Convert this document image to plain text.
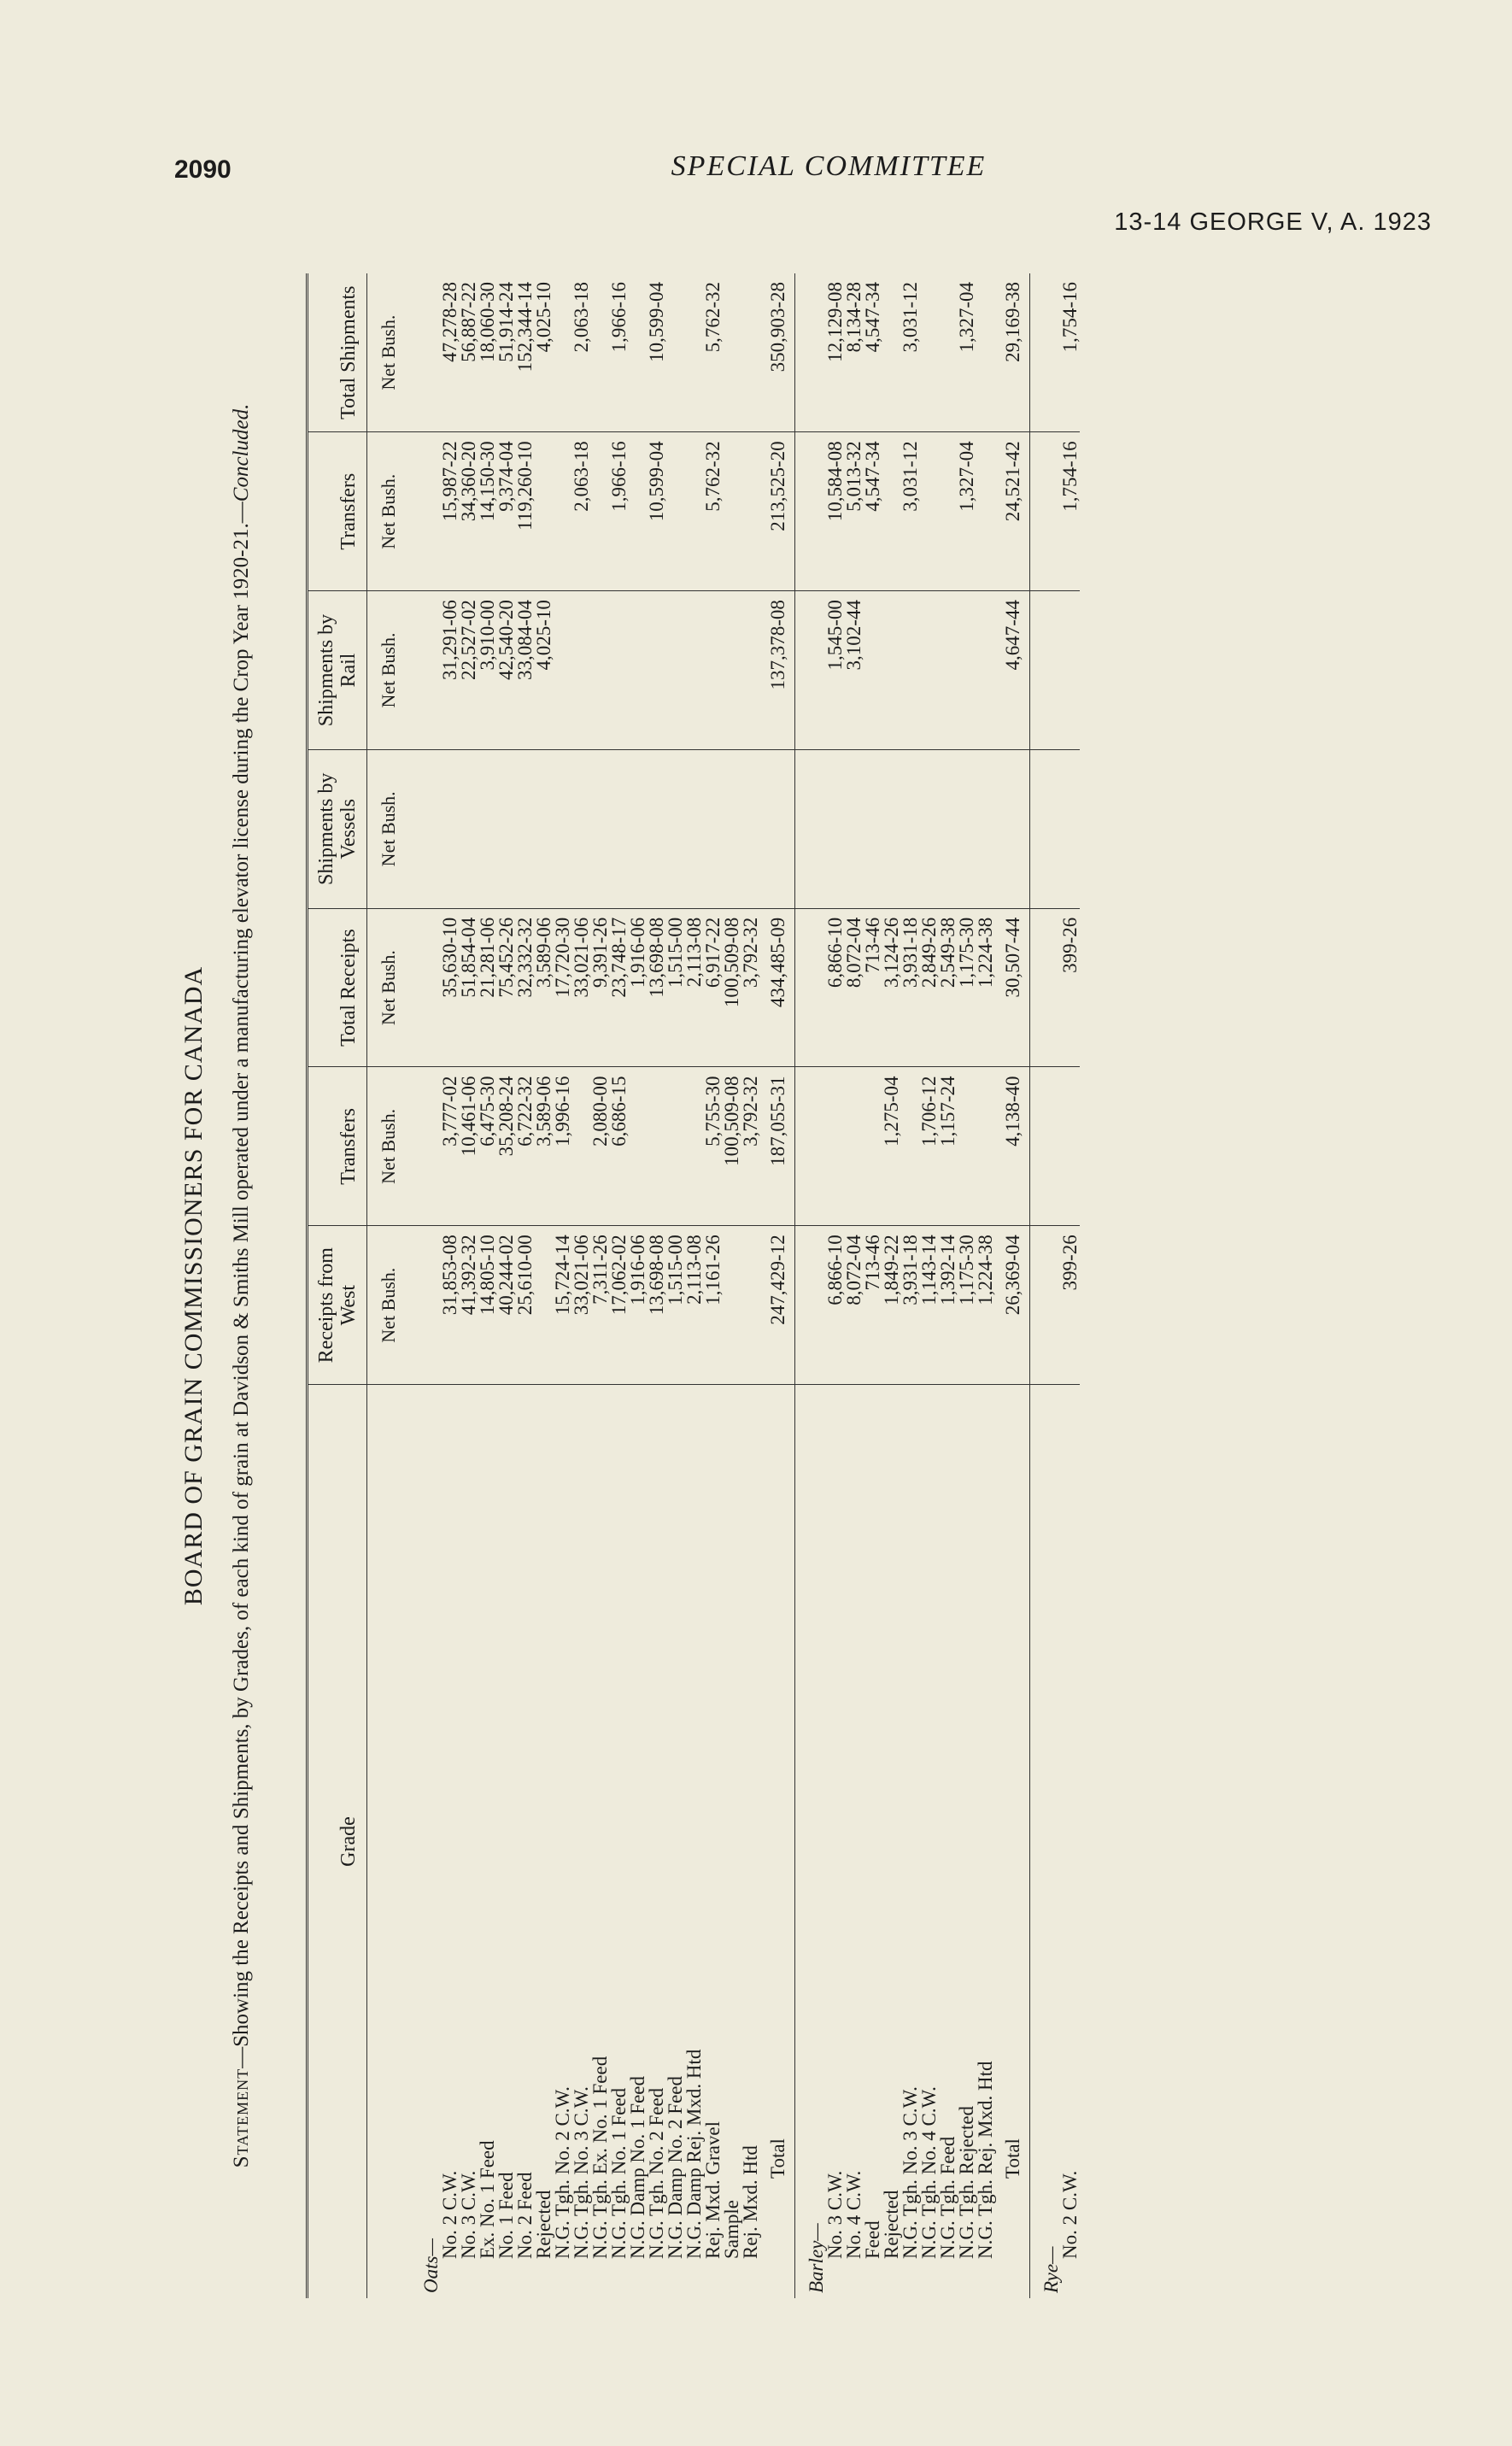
2090	SPECIAL COMMITTEE
13-14 GEORGE V, A. 1923
BOARD OF GRAIN COMMISSIONERS FOR CANADA
Statement—Showing the Receipts and Shipments, by Grades, of each kind of grain at Davidson & Smiths Mill operated under a manufacturing elevator license during the Crop Year 1920-21.—Concluded.
Grade	Receipts from West	Transfers	Total Receipts	Shipments by Vessels	Shipments by Rail	Transfers	Total Shipments
	Net Bush.	Net Bush.	Net Bush.	Net Bush.	Net Bush.	Net Bush.	Net Bush.
Oats—							
No. 2 C.W.	31,853-08	3,777-02	35,630-10		31,291-06	15,987-22	47,278-28
No. 3 C.W.	41,392-32	10,461-06	51,854-04		22,527-02	34,360-20	56,887-22
Ex. No. 1 Feed	14,805-10	6,475-30	21,281-06		3,910-00	14,150-30	18,060-30
No. 1 Feed	40,244-02	35,208-24	75,452-26		42,540-20	9,374-04	51,914-24
No. 2 Feed	25,610-00	6,722-32	32,332-32		33,084-04	119,260-10	152,344-14
Rejected		3,589-06	3,589-06		4,025-10		4,025-10
N.G. Tgh. No. 2 C.W.	15,724-14	1,996-16	17,720-30				
N.G. Tgh. No. 3 C.W.	33,021-06		33,021-06			2,063-18	2,063-18
N.G. Tgh. Ex. No. 1 Feed	7,311-26	2,080-00	9,391-26				
N.G. Tgh. No. 1 Feed	17,062-02	6,686-15	23,748-17			1,966-16	1,966-16
N.G. Damp No. 1 Feed	1,916-06		1,916-06				
N.G. Tgh. No. 2 Feed	13,698-08		13,698-08			10,599-04	10,599-04
N.G. Damp No. 2 Feed	1,515-00		1,515-00				
N.G. Damp Rej. Mxd. Htd	2,113-08		2,113-08				
Rej. Mxd. Gravel	1,161-26	5,755-30	6,917-22			5,762-32	5,762-32
Sample		100,509-08	100,509-08				
Rej. Mxd. Htd		3,792-32	3,792-32				
Total	247,429-12	187,055-31	434,485-09		137,378-08	213,525-20	350,903-28
Barley—							
No. 3 C.W.	6,866-10		6,866-10		1,545-00	10,584-08	12,129-08
No. 4 C.W.	8,072-04		8,072-04		3,102-44	5,013-32	8,134-28
Feed	713-46		713-46			4,547-34	4,547-34
Rejected	1,849-22	1,275-04	3,124-26				
N.G. Tgh. No. 3 C.W.	3,931-18		3,931-18			3,031-12	3,031-12
N.G. Tgh. No. 4 C.W.	1,143-14	1,706-12	2,849-26				
N.G. Tgh. Feed	1,392-14	1,157-24	2,549-38				
N.G. Tgh. Rejected	1,175-30		1,175-30			1,327-04	1,327-04
N.G. Tgh. Rej. Mxd. Htd	1,224-38		1,224-38				
Total	26,369-04	4,138-40	30,507-44		4,647-44	24,521-42	29,169-38
Rye—							
No. 2 C.W.	399-26		399-26			1,754-16	1,754-16
